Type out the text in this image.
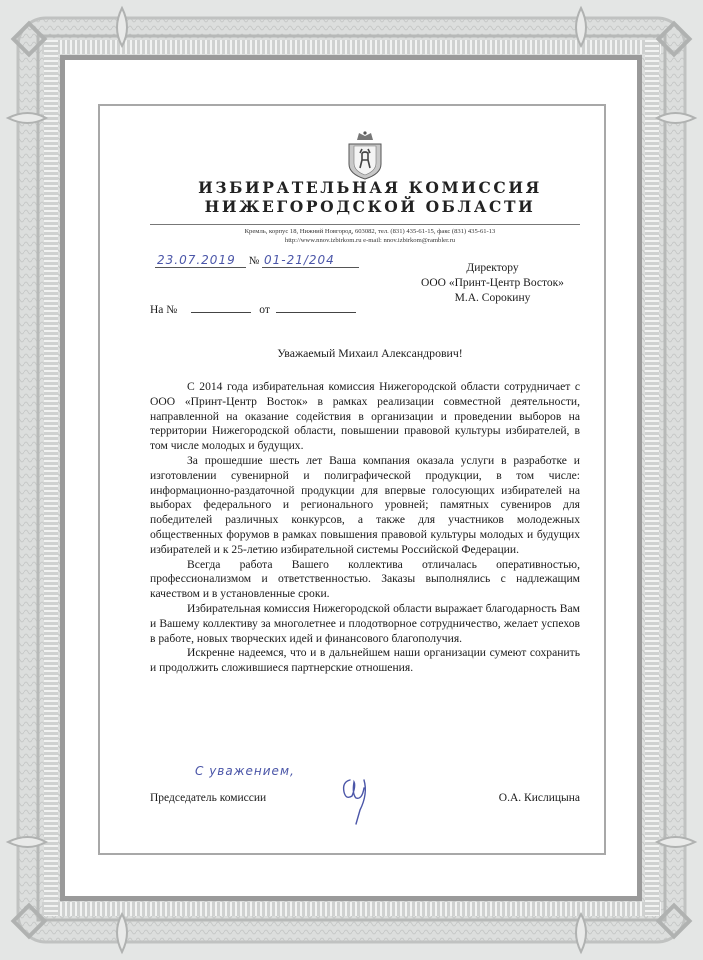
ИЗБИРАТЕЛЬНАЯ КОМИССИЯ
НИЖЕГОРОДСКОЙ ОБЛАСТИ
Кремль, корпус 18, Нижний Новгород, 603082, тел. (831) 435-61-15, факс (831) 435-61-13
http://www.nnov.izbirkom.ru e-mail: nnov.izbirkom@rambler.ru
23.07.2019 № 01-21/204
На №	от
Директору
ООО «Принт-Центр Восток»
М.А. Сорокину
Уважаемый Михаил Александрович!

С 2014 года избирательная комиссия Нижегородской области сотрудничает с ООО «Принт-Центр Восток» в рамках реализации совместной деятельности, направленной на оказание содействия в организации и проведении выборов на территории Нижегородской области, повышении правовой культуры избирателей, в том числе молодых и будущих.

За прошедшие шесть лет Ваша компания оказала услуги в разработке и изготовлении сувенирной и полиграфической продукции, в том числе: информационно-раздаточной продукции для впервые голосующих избирателей на выборах федерального и регионального уровней; памятных сувениров для победителей различных конкурсов, а также для участников молодежных общественных форумов в рамках повышения правовой культуры молодых и будущих избирателей и к 25-летию избирательной системы Российской Федерации.

Всегда работа Вашего коллектива отличалась оперативностью, профессионализмом и ответственностью. Заказы выполнялись с надлежащим качеством и в установленные сроки.

Избирательная комиссия Нижегородской области выражает благодарность Вам и Вашему коллективу за многолетнее и плодотворное сотрудничество, желает успехов в работе, новых творческих идей и финансового благополучия.

Искренне надеемся, что и в дальнейшем наши организации сумеют сохранить и продолжить сложившиеся партнерские отношения.

С уважением,
Председатель комиссии	О.А. Кислицына
